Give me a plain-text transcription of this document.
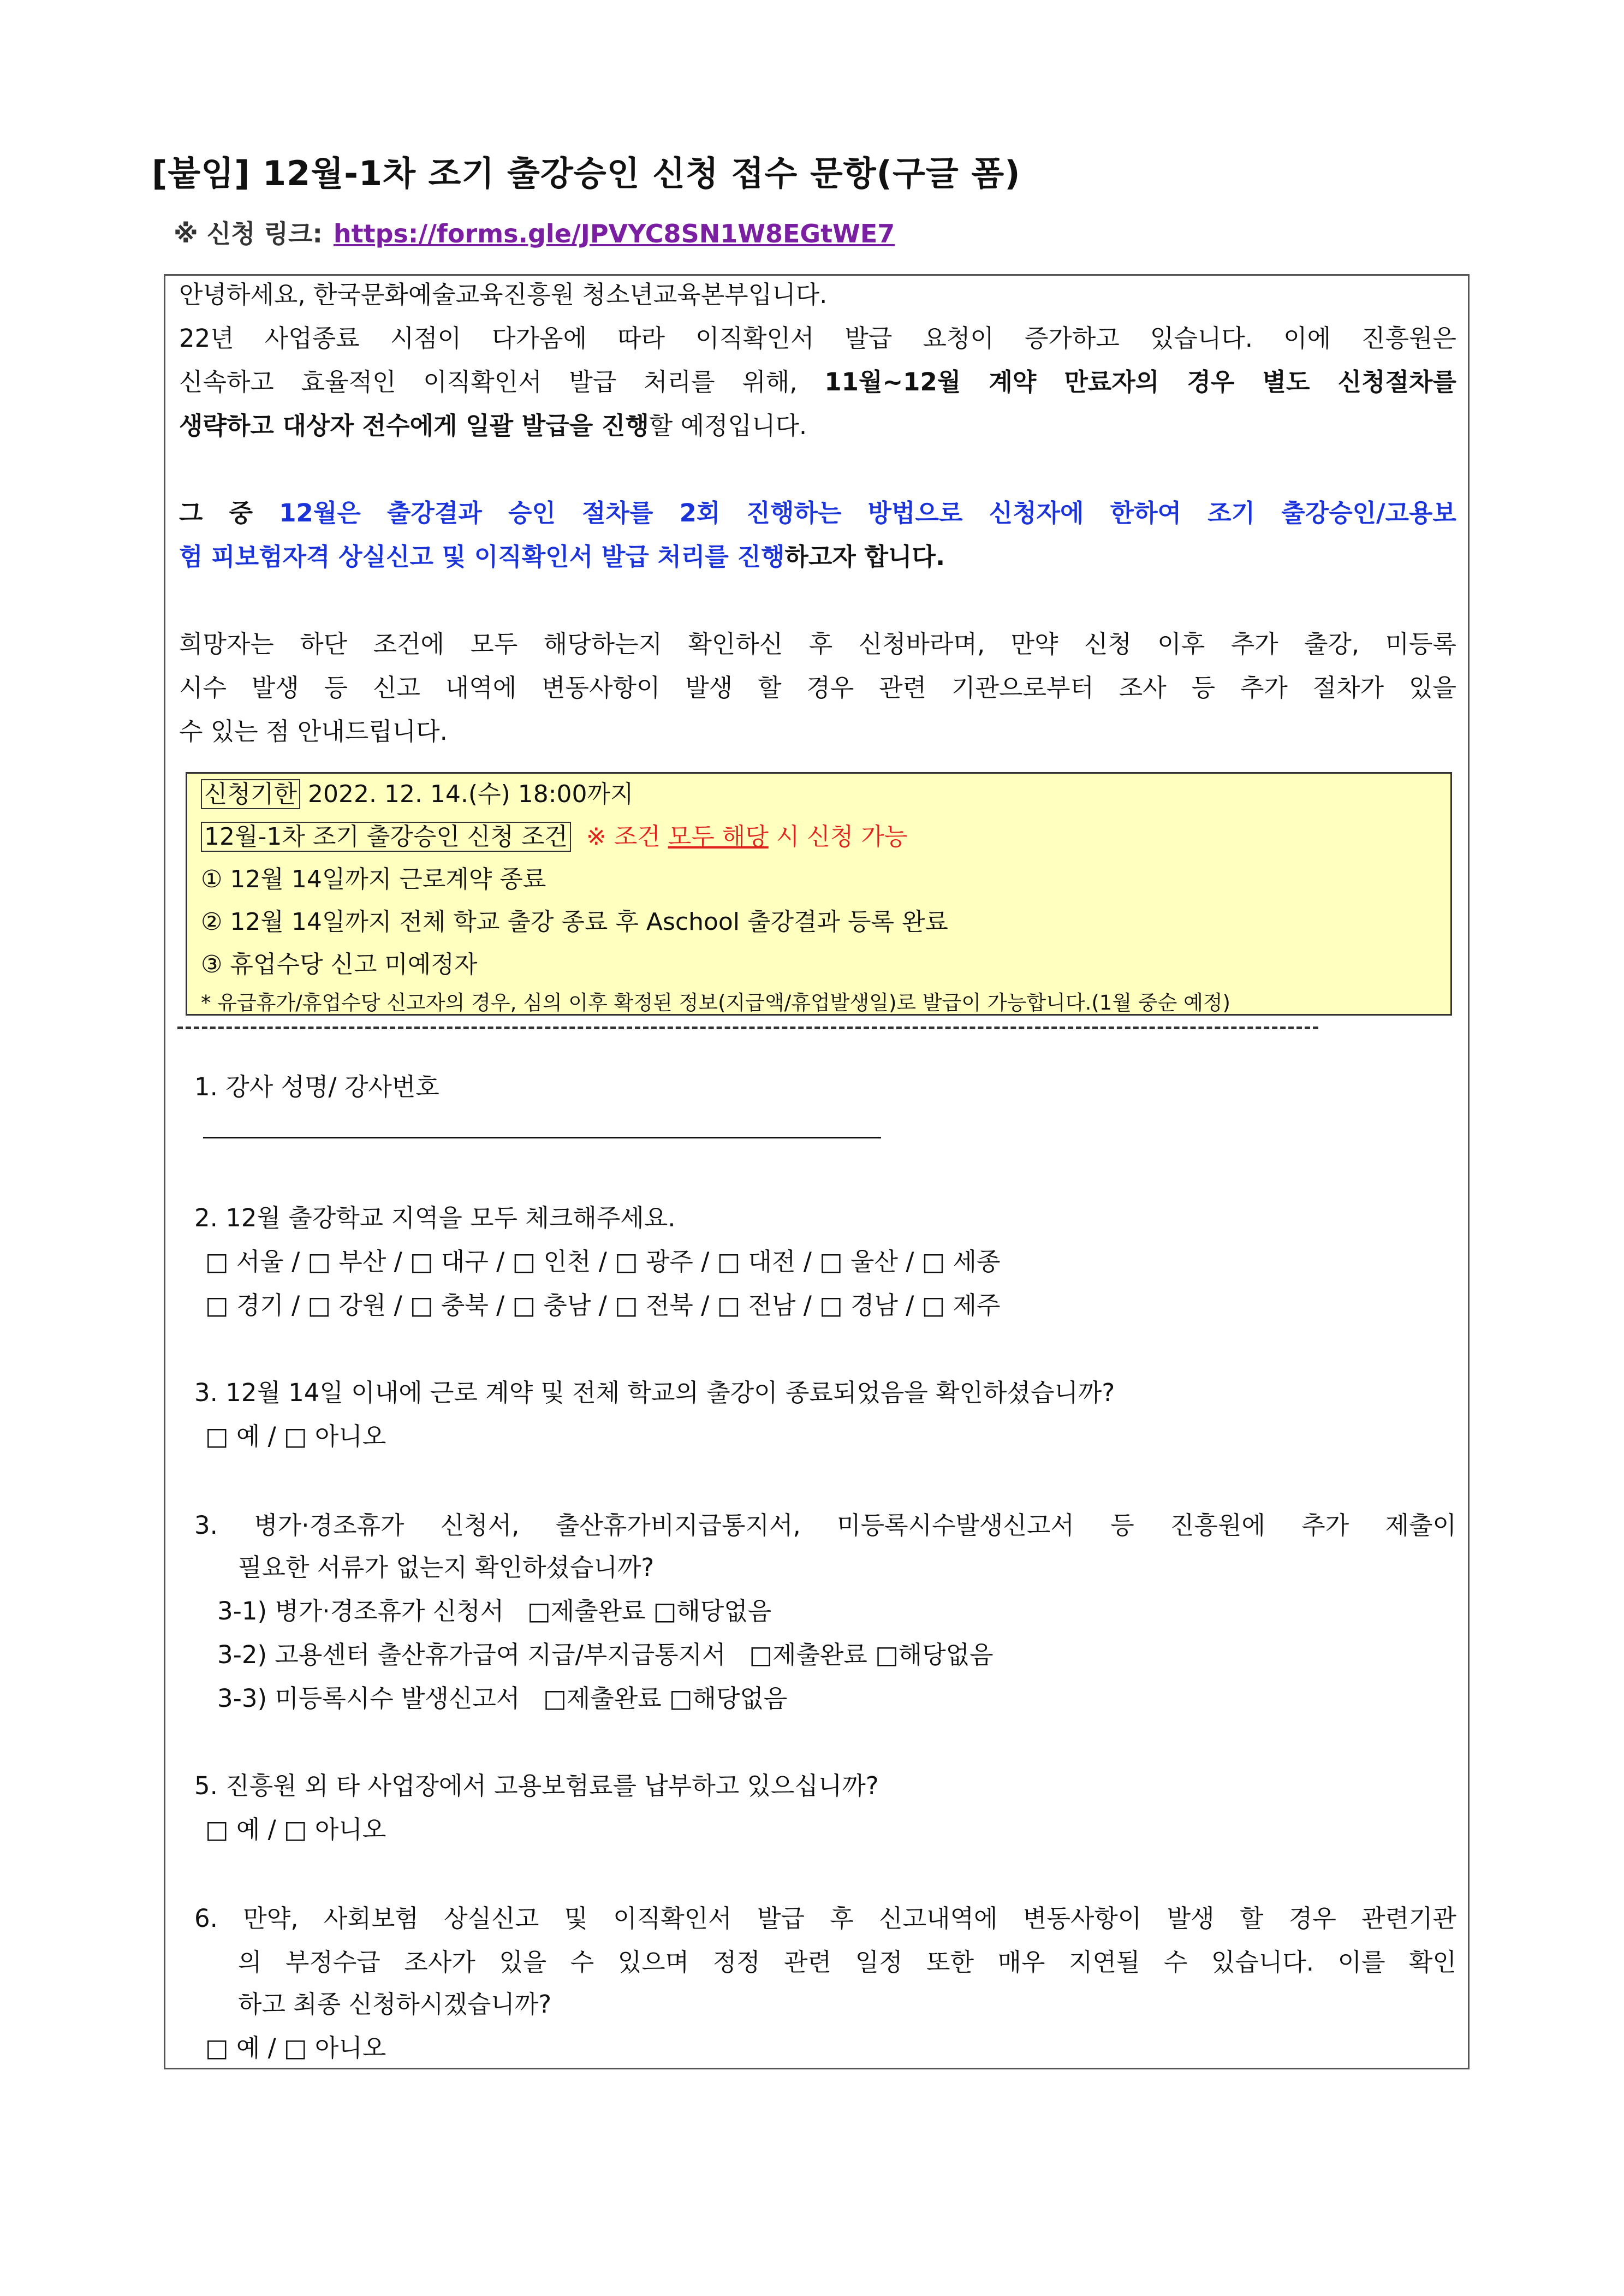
[붙임] 12월-1차 조기 출강승인 신청 접수 문항(구글 폼)
※ 신청 링크: https://forms.gle/JPVYC8SN1W8EGtWE7
안녕하세요, 한국문화예술교육진흥원 청소년교육본부입니다.
22년 사업종료 시점이 다가옴에 따라 이직확인서 발급 요청이 증가하고 있습니다. 이에 진흥원은
신속하고 효율적인 이직확인서 발급 처리를 위해, 11월~12월 계약 만료자의 경우 별도 신청절차를
생략하고 대상자 전수에게 일괄 발급을 진행할 예정입니다.
그 중 12월은 출강결과 승인 절차를 2회 진행하는 방법으로 신청자에 한하여 조기 출강승인/고용보
험 피보험자격 상실신고 및 이직확인서 발급 처리를 진행하고자 합니다.
희망자는 하단 조건에 모두 해당하는지 확인하신 후 신청바라며, 만약 신청 이후 추가 출강, 미등록
시수 발생 등 신고 내역에 변동사항이 발생 할 경우 관련 기관으로부터 조사 등 추가 절차가 있을
수 있는 점 안내드립니다.
신청기한 2022. 12. 14.(수) 18:00까지
12월-1차 조기 출강승인 신청 조건 ※ 조건 모두 해당 시 신청 가능
① 12월 14일까지 근로계약 종료
② 12월 14일까지 전체 학교 출강 종료 후 Aschool 출강결과 등록 완료
③ 휴업수당 신고 미예정자
* 유급휴가/휴업수당 신고자의 경우, 심의 이후 확정된 정보(지급액/휴업발생일)로 발급이 가능합니다.(1월 중순 예정)
1. 강사 성명/ 강사번호
2. 12월 출강학교 지역을 모두 체크해주세요.
□ 서울 / □ 부산 / □ 대구 / □ 인천 / □ 광주 / □ 대전 / □ 울산 / □ 세종
□ 경기 / □ 강원 / □ 충북 / □ 충남 / □ 전북 / □ 전남 / □ 경남 / □ 제주
3. 12월 14일 이내에 근로 계약 및 전체 학교의 출강이 종료되었음을 확인하셨습니까?
□ 예 / □ 아니오
3. 병가·경조휴가 신청서, 출산휴가비지급통지서, 미등록시수발생신고서 등 진흥원에 추가 제출이
필요한 서류가 없는지 확인하셨습니까?
3-1) 병가·경조휴가 신청서   □제출완료 □해당없음
3-2) 고용센터 출산휴가급여 지급/부지급통지서   □제출완료 □해당없음
3-3) 미등록시수 발생신고서   □제출완료 □해당없음
5. 진흥원 외 타 사업장에서 고용보험료를 납부하고 있으십니까?
□ 예 / □ 아니오
6. 만약, 사회보험 상실신고 및 이직확인서 발급 후 신고내역에 변동사항이 발생 할 경우 관련기관
의 부정수급 조사가 있을 수 있으며 정정 관련 일정 또한 매우 지연될 수 있습니다. 이를 확인
하고 최종 신청하시겠습니까?
□ 예 / □ 아니오
